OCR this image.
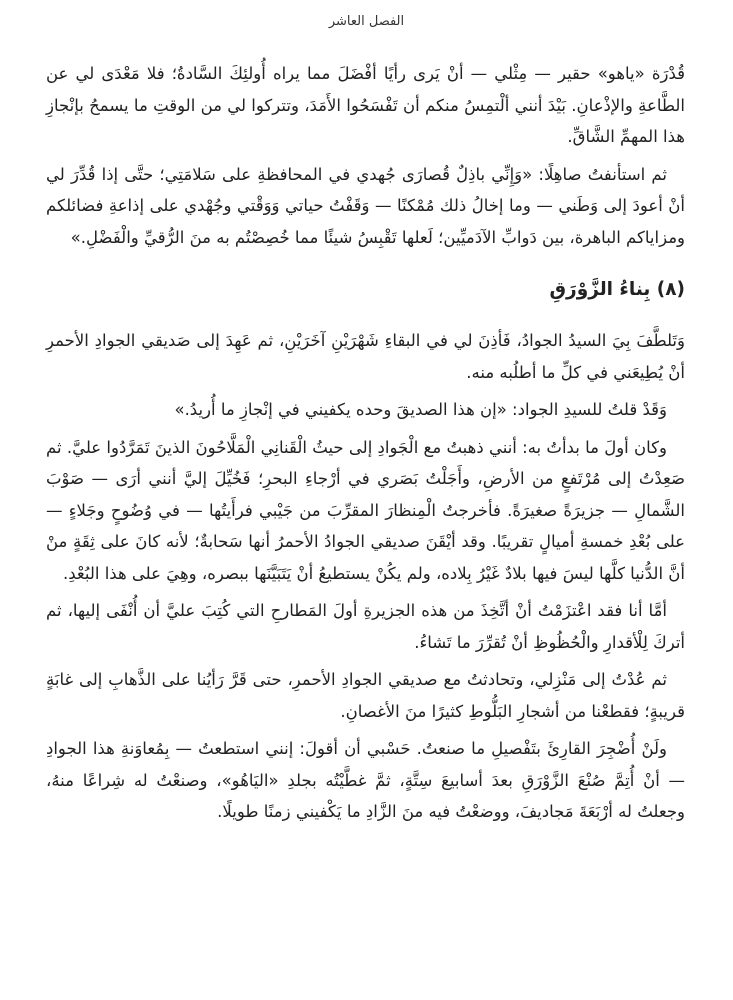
الفصل العاشر

قُدْرَة «ياهو» حقير — مِثْلي — أنْ يَرى رأيًا أفْضَلَ مما يراه أُولئِكَ السَّادةُ؛ فلا مَعْدَى لي عن الطَّاعةِ والإذْعانِ. بَيْدَ أنني ألْتمِسُ منكم أن تَفْسَحُوا الأَمَدَ، وتتركوا لي من الوقتِ ما يسمحُ بإنْجازِ هذا المهمِّ الشَّاقِّ.

ثم استأنفتُ صاهِلًا: «وَإِنِّي باذِلٌ قُصارَى جُهدي في المحافظةِ على سَلامَتِي؛ حتَّى إذا قُدِّرَ لي أنْ أعودَ إلى وَطَني — وما إخالُ ذلك مُمْكنًا — وَقَفْتُ حياتي وَوَقْتي وجُهْدي على إذاعةِ فضائلكم ومزاياكم الباهرة، بين دَوابِّ الآدَميِّين؛ لَعلها تَقْبِسُ شيئًا مما خُصِصْتُم به منَ الرُّقيِّ والْفَضْلِ.»

(٨) بِناءُ الزَّوْرَقِ

وَتَلطَّفَ بِيَ السيدُ الجوادُ، فَأذِنَ لي في البقاءِ شَهْرَيْنِ آخَرَيْنِ، ثم عَهِدَ إلى صَديقي الجوادِ الأحمرِ أنْ يُطِيعَني في كلِّ ما أطلُبه منه.

وَقَدْ قلتُ للسيدِ الجواد: «إن هذا الصديقَ وحده يكفيني في إنْجازِ ما أُريدُ.»

وكان أولَ ما بدأتُ به: أنني ذهبتُ مع الْجَوادِ إلى حيثُ الْقَنانِي الْمَلَّاحُونَ الذينَ تَمَرَّدُوا عليَّ. ثم صَعِدْتُ إلى مُرْتَفعٍ من الأرضِ، وأَجَلْتُ بَصَري في أرْجاءِ البحرِ؛ فَخُيِّلَ إليَّ أنني أرَى — صَوْبَ الشَّمالِ — جزيرَةً صغيرَةً. فأخرجتُ الْمِنظارَ المقرِّبَ من جَيْبي فرأَيتُها — في وُضُوحٍ وجَلاءٍ — على بُعْدِ خمسةِ أميالٍ تقريبًا. وقد أيْقَنَ صديقي الجوادُ الأحمرُ أنها سَحابةٌ؛ لأنه كانَ على ثِقَةٍ منْ أنَّ الدُّنيا كلَّها ليسَ فيها بلادٌ غَيْرُ بِلاده، ولم يكُنْ يستطيعُ أنْ يَتَبَيَّنَها ببصره، وهِيَ على هذا البُعْدِ.

أمَّا أنا فقد اعْتزَمْتُ أنْ أتَّخِذَ من هذه الجزيرةِ أولَ المَطارحِ التي كُتِبَ عليَّ أن أُنْفَى إليها، ثم أتركَ لِلْأقدارِ والْحُظُوظِ أنْ تُقرِّرَ ما تَشاءُ.

ثم عُدْتُ إلى مَنْزِلي، وتحادثتُ مع صديقي الجوادِ الأحمرِ، حتى قَرَّ رَأيُنا على الذَّهابِ إلى غابَةٍ قريبةٍ؛ فقطعْنا من أشجارِ البَلُّوطِ كثيرًا منَ الأغصانِ.

ولَنْ أُضْجِرَ القارِئَ بتَفْصيلِ ما صنعتُ. حَسْبي أن أقولَ: إنني استطعتُ — بِمُعاوَنةِ هذا الجوادِ — أنْ أُتِمَّ صُنْعَ الزَّوْرَقِ بعدَ أسابيعَ سِتَّةٍ، ثمَّ غطَّيْتُه بجلدِ «اليَاهُو»، وصنعْتُ له شِراعًا منهُ، وجعلتُ له أرْبَعَةَ مَجاديفَ، ووضعْتُ فيه منَ الزَّادِ ما يَكْفيني زمنًا طويلًا.
